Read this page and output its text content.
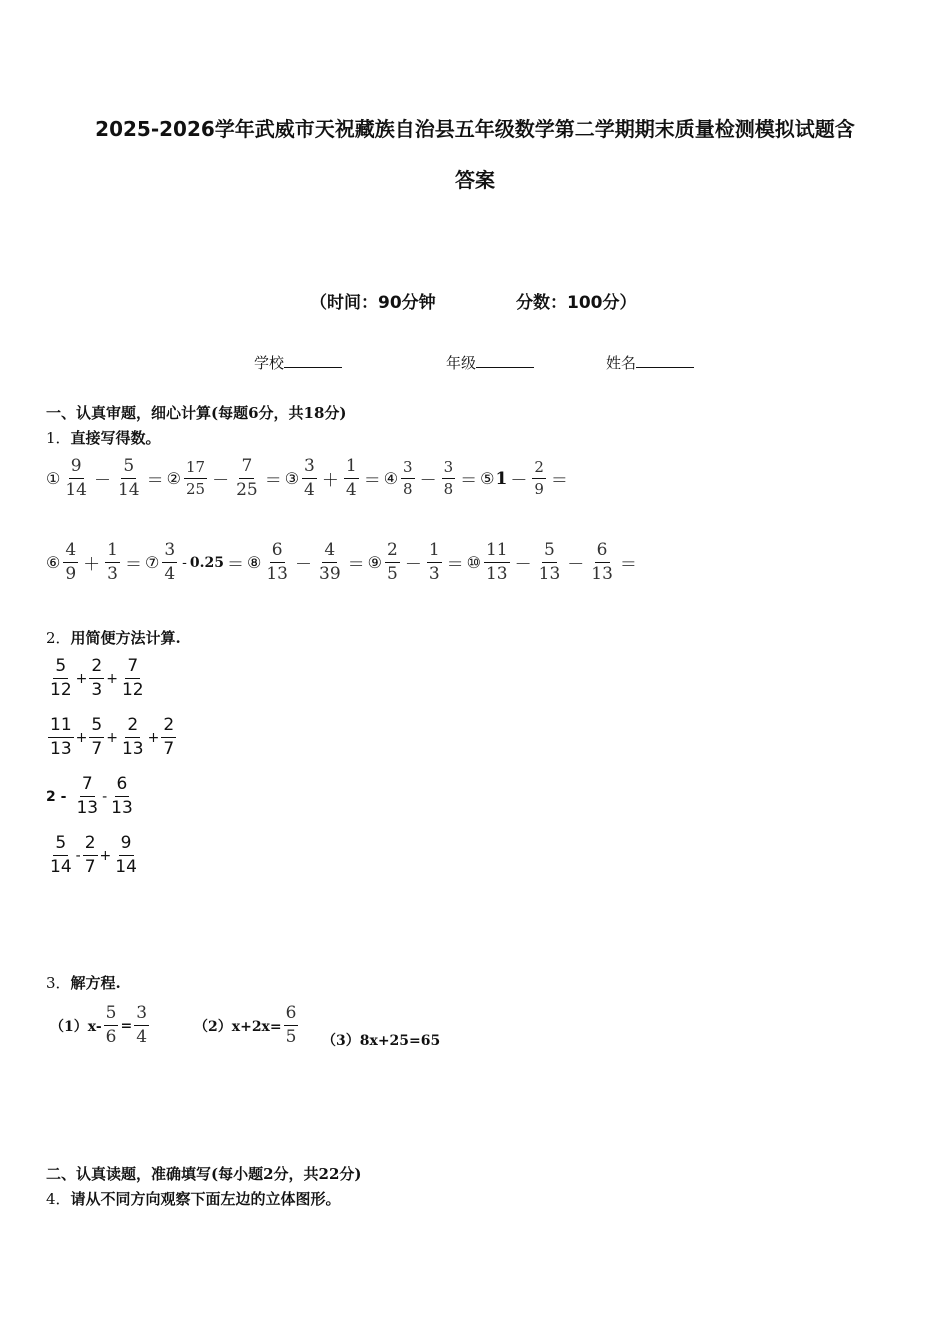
2025-2026学年武威市天祝藏族自治县五年级数学第二学期期末质量检测模拟试题含
答案
（时间：90分钟	分数：100分）
学校	年级	姓名
一、认真审题，细心计算(每题6分，共18分)
1．直接写得数。
① $\frac{9}{14} - \frac{5}{14}$ ＝ ② $\frac{17}{25} - \frac{7}{25}$ ＝ ③ $\frac{3}{4} + \frac{1}{4}$ ＝ ④ $\frac{3}{8} - \frac{3}{8}$ ＝ ⑤ $1 - \frac{2}{9}$ ＝
⑥ $\frac{4}{9} + \frac{1}{3}$ ＝ ⑦ $\frac{3}{4} - 0.25$ ＝ ⑧ $\frac{6}{13} - \frac{4}{39}$ ＝ ⑨ $\frac{2}{5} - \frac{1}{3}$ ＝ ⑩ $\frac{11}{13} - \frac{5}{13} - \frac{6}{13}$ ＝
2．用简便方法计算.
$\frac{5}{12} + \frac{2}{3} + \frac{7}{12}$
$\frac{11}{13} + \frac{5}{7} + \frac{2}{13} + \frac{2}{7}$
$2 - \frac{7}{13} - \frac{6}{13}$
$\frac{5}{14} - \frac{2}{7} + \frac{9}{14}$
3．解方程.
$(1)x- \frac{5}{6} = \frac{3}{4}$	$(2)x+2x= \frac{6}{5} (3)8x+25=65$
二、认真读题，准确填写(每小题2分，共22分)
4．请从不同方向观察下面左边的立体图形。
